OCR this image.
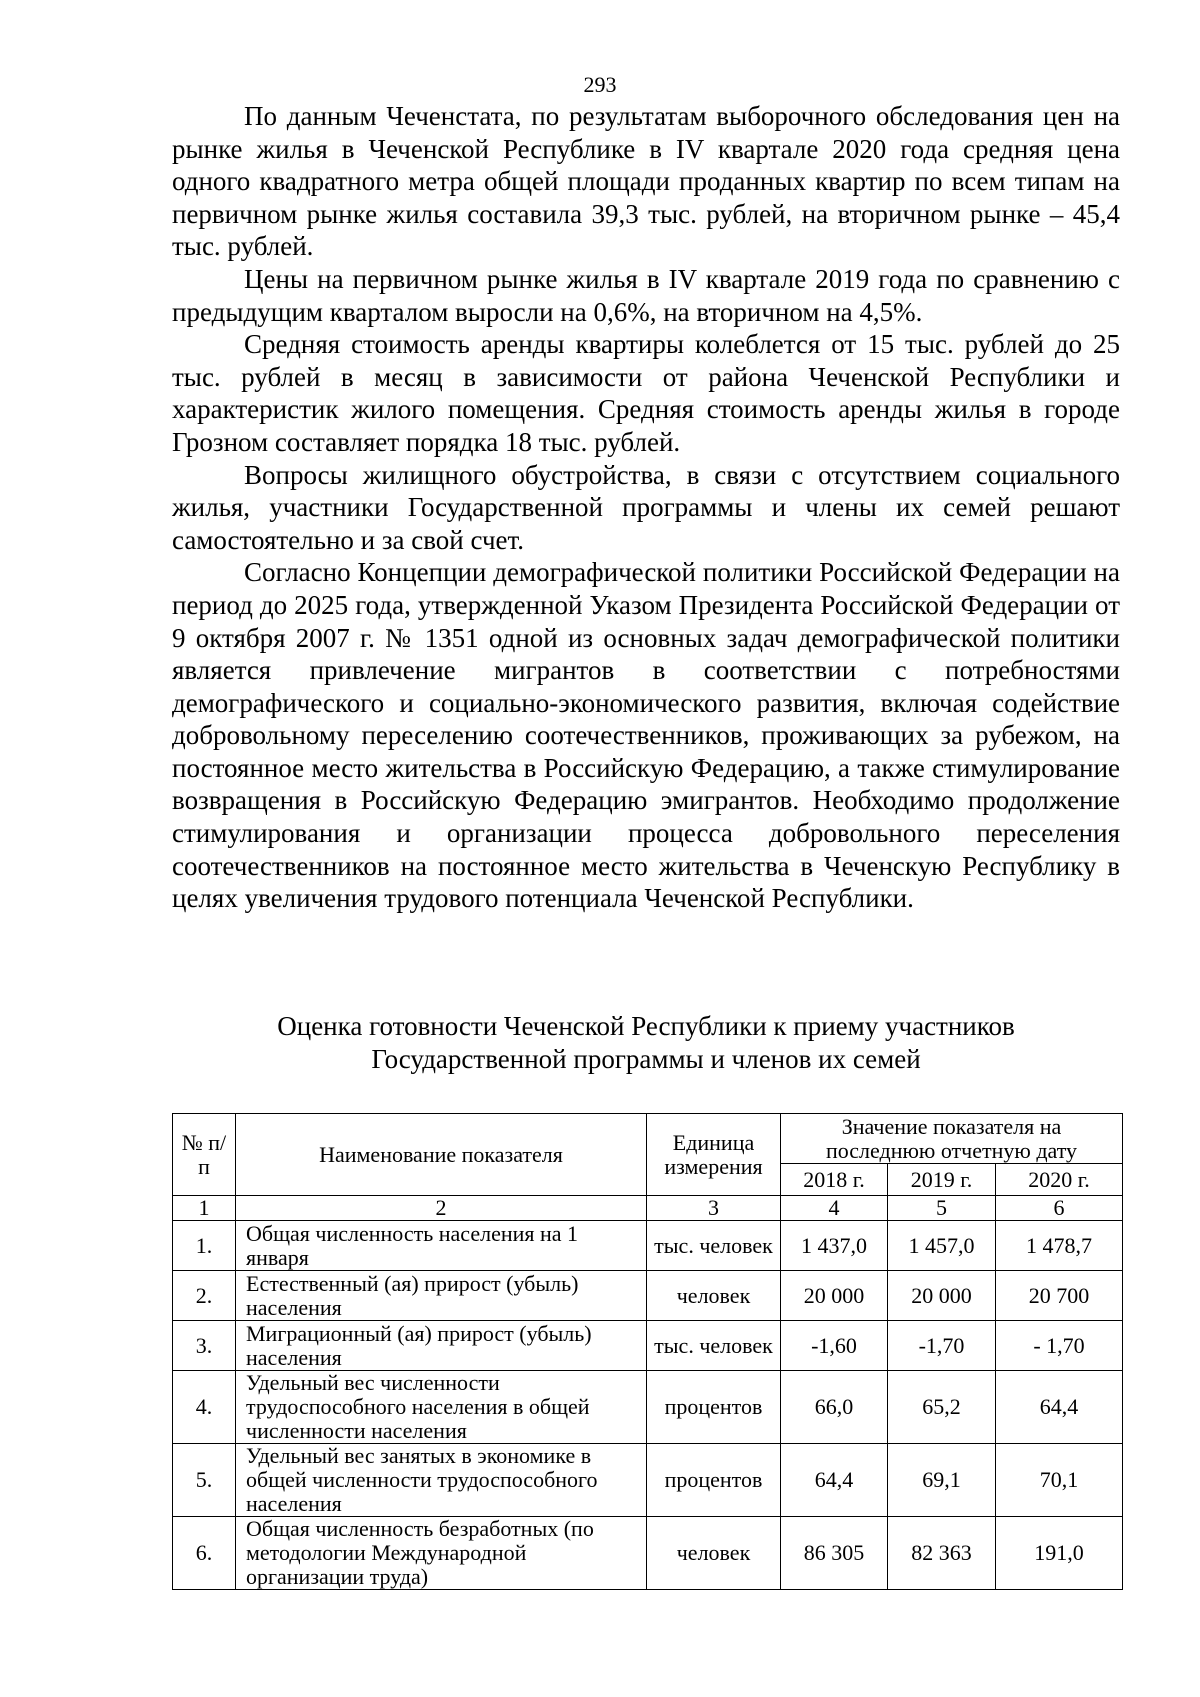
293

По данным Чеченстата, по результатам выборочного обследования цен на рынке жилья в Чеченской Республике в IV квартале 2020 года средняя цена одного квадратного метра общей площади проданных квартир по всем типам на первичном рынке жилья составила 39,3 тыс. рублей, на вторичном рынке – 45,4 тыс. рублей.

Цены на первичном рынке жилья в IV квартале 2019 года по сравнению с предыдущим кварталом выросли на 0,6%, на вторичном на 4,5%.

Средняя стоимость аренды квартиры колеблется от 15 тыс. рублей до 25 тыс. рублей в месяц в зависимости от района Чеченской Республики и характеристик жилого помещения. Средняя стоимость аренды жилья в городе Грозном составляет порядка 18 тыс. рублей.

Вопросы жилищного обустройства, в связи с отсутствием социального жилья, участники Государственной программы и члены их семей решают самостоятельно и за свой счет.

Согласно Концепции демографической политики Российской Федерации на период до 2025 года, утвержденной Указом Президента Российской Федерации от 9 октября 2007 г. № 1351 одной из основных задач демографической политики является привлечение мигрантов в соответствии с потребностями демографического и социально-экономического развития, включая содействие добровольному переселению соотечественников, проживающих за рубежом, на постоянное место жительства в Российскую Федерацию, а также стимулирование возвращения в Российскую Федерацию эмигрантов. Необходимо продолжение стимулирования и организации процесса добровольного переселения соотечественников на постоянное место жительства в Чеченскую Республику в целях увеличения трудового потенциала Чеченской Республики.

Оценка готовности Чеченской Республики к приему участников
Государственной программы и членов их семей
№ п/п	Наименование показателя	Единица измерения	Значение показателя на последнюю отчетную дату		
			2018 г.	2019 г.	2020 г.
1	2	3	4	5	6
1.	Общая численность населения на 1 января	тыс. человек	1 437,0	1 457,0	1 478,7
2.	Естественный (ая) прирост (убыль) населения	человек	20 000	20 000	20 700
3.	Миграционный (ая) прирост (убыль) населения	тыс. человек	-1,60	-1,70	- 1,70
4.	Удельный вес численности трудоспособного населения в общей численности населения	процентов	66,0	65,2	64,4
5.	Удельный вес занятых в экономике в общей численности трудоспособного населения	процентов	64,4	69,1	70,1
6.	Общая численность безработных (по методологии Международной организации труда)	человек	86 305	82 363	191,0
